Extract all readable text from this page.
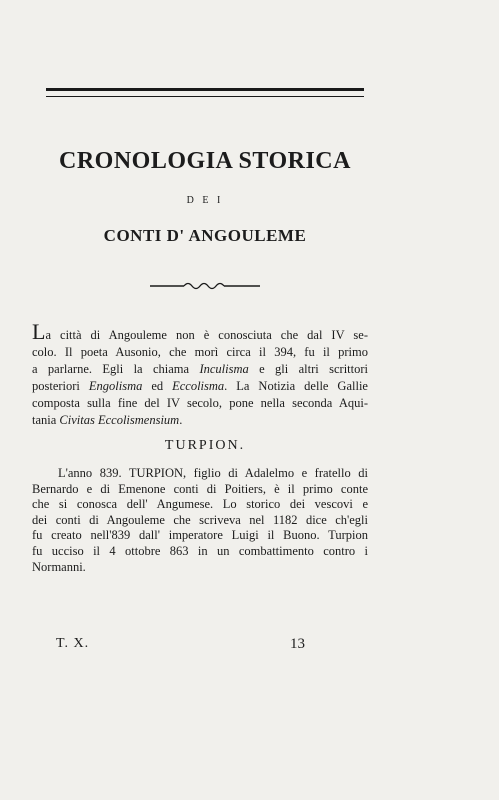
CRONOLOGIA STORICA
D E I
CONTI D' ANGOULEME
La città di Angouleme non è conosciuta che dal IV se-
colo. Il poeta Ausonio, che morì circa il 394, fu il primo
a parlarne. Egli la chiama Inculisma e gli altri scrittori
posteriori Engolisma ed Eccolisma. La Notizia delle Gallie
composta sulla fine del IV secolo, pone nella seconda Aqui-
tania Civitas Eccolismensium.
TURPION.
L'anno 839. TURPION, figlio di Adalelmo e fratello di
Bernardo e di Emenone conti di Poitiers, è il primo conte
che si conosca dell' Angumese. Lo storico dei vescovi e
dei conti di Angouleme che scriveva nel 1182 dice ch'egli
fu creato nell'839 dall' imperatore Luigi il Buono. Turpion
fu ucciso il 4 ottobre 863 in un combattimento contro i
Normanni.
T. X.	13
